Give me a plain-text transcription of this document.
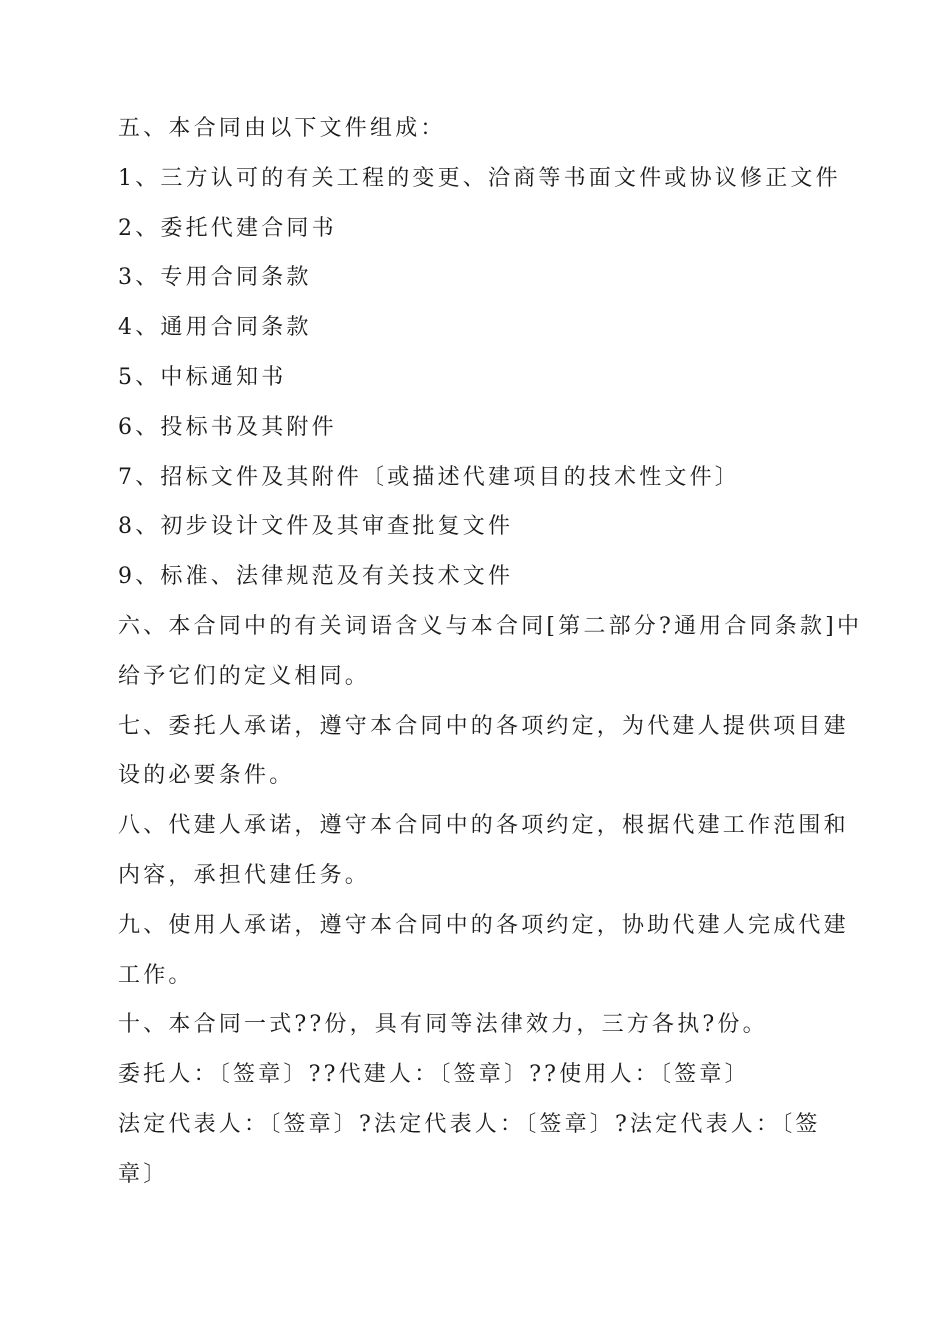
五、本合同由以下文件组成：
1、三方认可的有关工程的变更、洽商等书面文件或协议修正文件
2、委托代建合同书
3、专用合同条款
4、通用合同条款
5、中标通知书
6、投标书及其附件
7、招标文件及其附件〔或描述代建项目的技术性文件〕
8、初步设计文件及其审查批复文件
9、标准、法律规范及有关技术文件
六、本合同中的有关词语含义与本合同[第二部分?通用合同条款]中
给予它们的定义相同。
七、委托人承诺，遵守本合同中的各项约定，为代建人提供项目建
设的必要条件。
八、代建人承诺，遵守本合同中的各项约定，根据代建工作范围和
内容，承担代建任务。
九、使用人承诺，遵守本合同中的各项约定，协助代建人完成代建
工作。
十、本合同一式??份，具有同等法律效力，三方各执?份。
委托人：〔签章〕??代建人：〔签章〕??使用人：〔签章〕
法定代表人：〔签章〕?法定代表人：〔签章〕?法定代表人：〔签
章〕
